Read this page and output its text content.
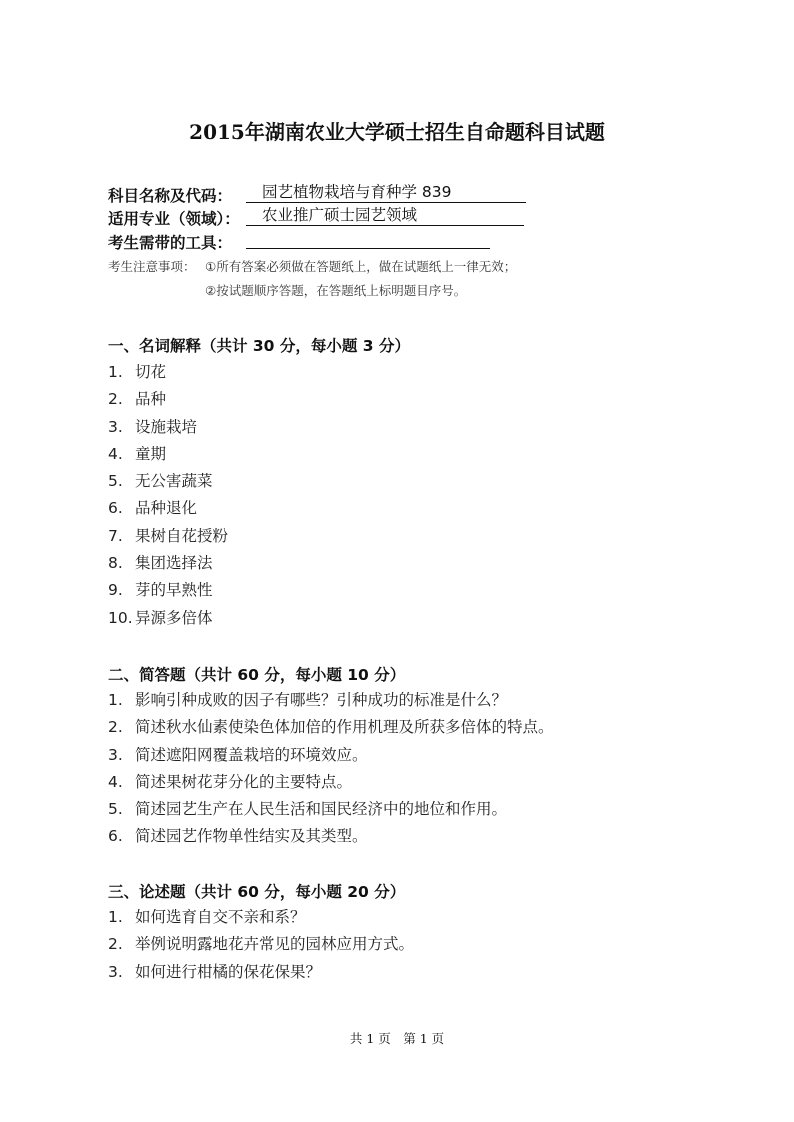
2015年湖南农业大学硕士招生自命题科目试题
科目名称及代码：	园艺植物栽培与育种学 839
适用专业（领域）：	农业推广硕士园艺领域
考生需带的工具：
考生注意事项： ①所有答案必须做在答题纸上，做在试题纸上一律无效；
②按试题顺序答题，在答题纸上标明题目序号。
一、名词解释（共计 30 分，每小题 3 分）
1. 切花
2. 品种
3. 设施栽培
4. 童期
5. 无公害蔬菜
6. 品种退化
7. 果树自花授粉
8. 集团选择法
9. 芽的早熟性
10. 异源多倍体
二、简答题（共计 60 分，每小题 10 分）
1. 影响引种成败的因子有哪些？引种成功的标准是什么？
2. 简述秋水仙素使染色体加倍的作用机理及所获多倍体的特点。
3. 简述遮阳网覆盖栽培的环境效应。
4. 简述果树花芽分化的主要特点。
5. 简述园艺生产在人民生活和国民经济中的地位和作用。
6. 简述园艺作物单性结实及其类型。
三、论述题（共计 60 分，每小题 20 分）
1. 如何选育自交不亲和系？
2. 举例说明露地花卉常见的园林应用方式。
3. 如何进行柑橘的保花保果？
共 1 页　第 1 页
